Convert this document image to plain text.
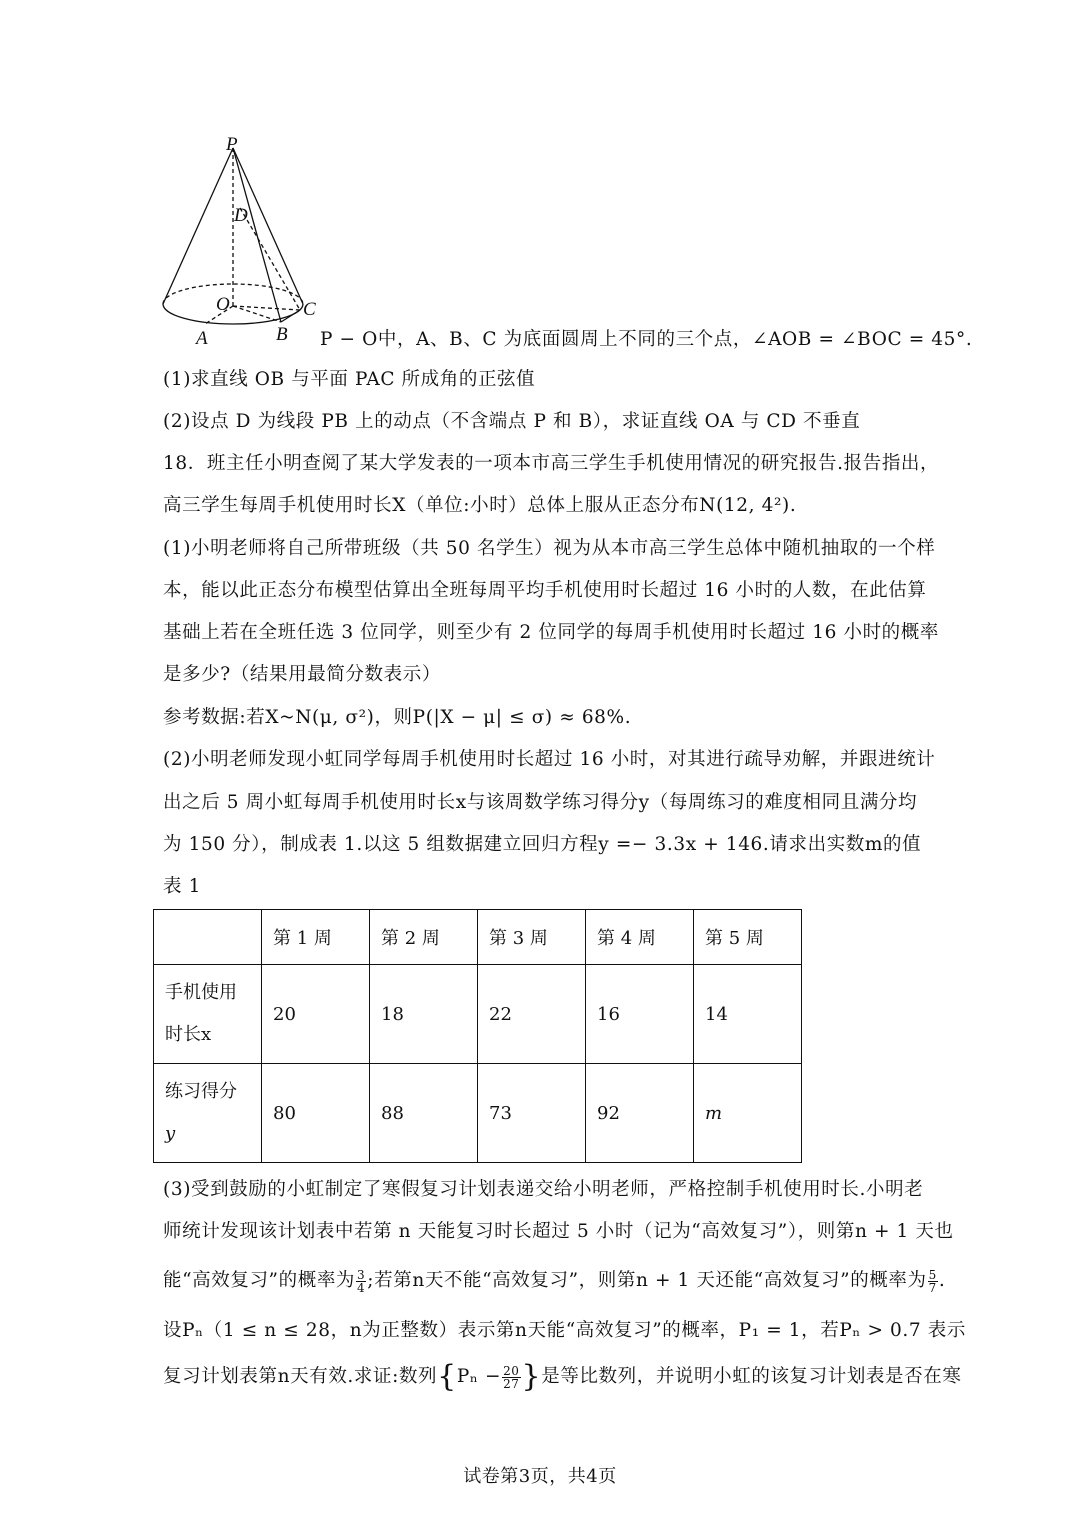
P
D
O	C
A	B P − O中，A、B、C 为底面圆周上不同的三个点，∠AOB = ∠BOC = 45°.
(1)求直线 OB 与平面 PAC 所成角的正弦值
(2)设点 D 为线段 PB 上的动点（不含端点 P 和 B），求证直线 OA 与 CD 不垂直
18．班主任小明查阅了某大学发表的一项本市高三学生手机使用情况的研究报告.报告指出，
高三学生每周手机使用时长X（单位:小时）总体上服从正态分布N(12, 4²).
(1)小明老师将自己所带班级（共 50 名学生）视为从本市高三学生总体中随机抽取的一个样
本，能以此正态分布模型估算出全班每周平均手机使用时长超过 16 小时的人数，在此估算
基础上若在全班任选 3 位同学，则至少有 2 位同学的每周手机使用时长超过 16 小时的概率
是多少?（结果用最简分数表示）
参考数据:若X~N(μ, σ²)，则P(|X − μ| ≤ σ) ≈ 68%.
(2)小明老师发现小虹同学每周手机使用时长超过 16 小时，对其进行疏导劝解，并跟进统计
出之后 5 周小虹每周手机使用时长x与该周数学练习得分y（每周练习的难度相同且满分均
为 150 分），制成表 1.以这 5 组数据建立回归方程y =− 3.3x + 146.请求出实数m的值
表 1
	第 1 周	第 2 周	第 3 周	第 4 周	第 5 周

手机使用
时长x	20	18	22	16	14

练习得分
y	80	88	73	92	m
(3)受到鼓励的小虹制定了寒假复习计划表递交给小明老师，严格控制手机使用时长.小明老
师统计发现该计划表中若第 n 天能复习时长超过 5 小时（记为“高效复习”），则第n + 1 天也
能“高效复习”的概率为 $\frac{3}{4}$ ;若第n天不能“高效复习”，则第n + 1 天还能“高效复习”的概率为 $\frac{5}{7}$ .
设Pₙ（1 ≤ n ≤ 28，n为正整数）表示第n天能“高效复习”的概率，P₁ = 1，若Pₙ > 0.7 表示
复习计划表第n天有效.求证:数列{$P_n - \frac{20}{27}$ }是等比数列，并说明小虹的该复习计划表是否在寒
试卷第3页，共4页
